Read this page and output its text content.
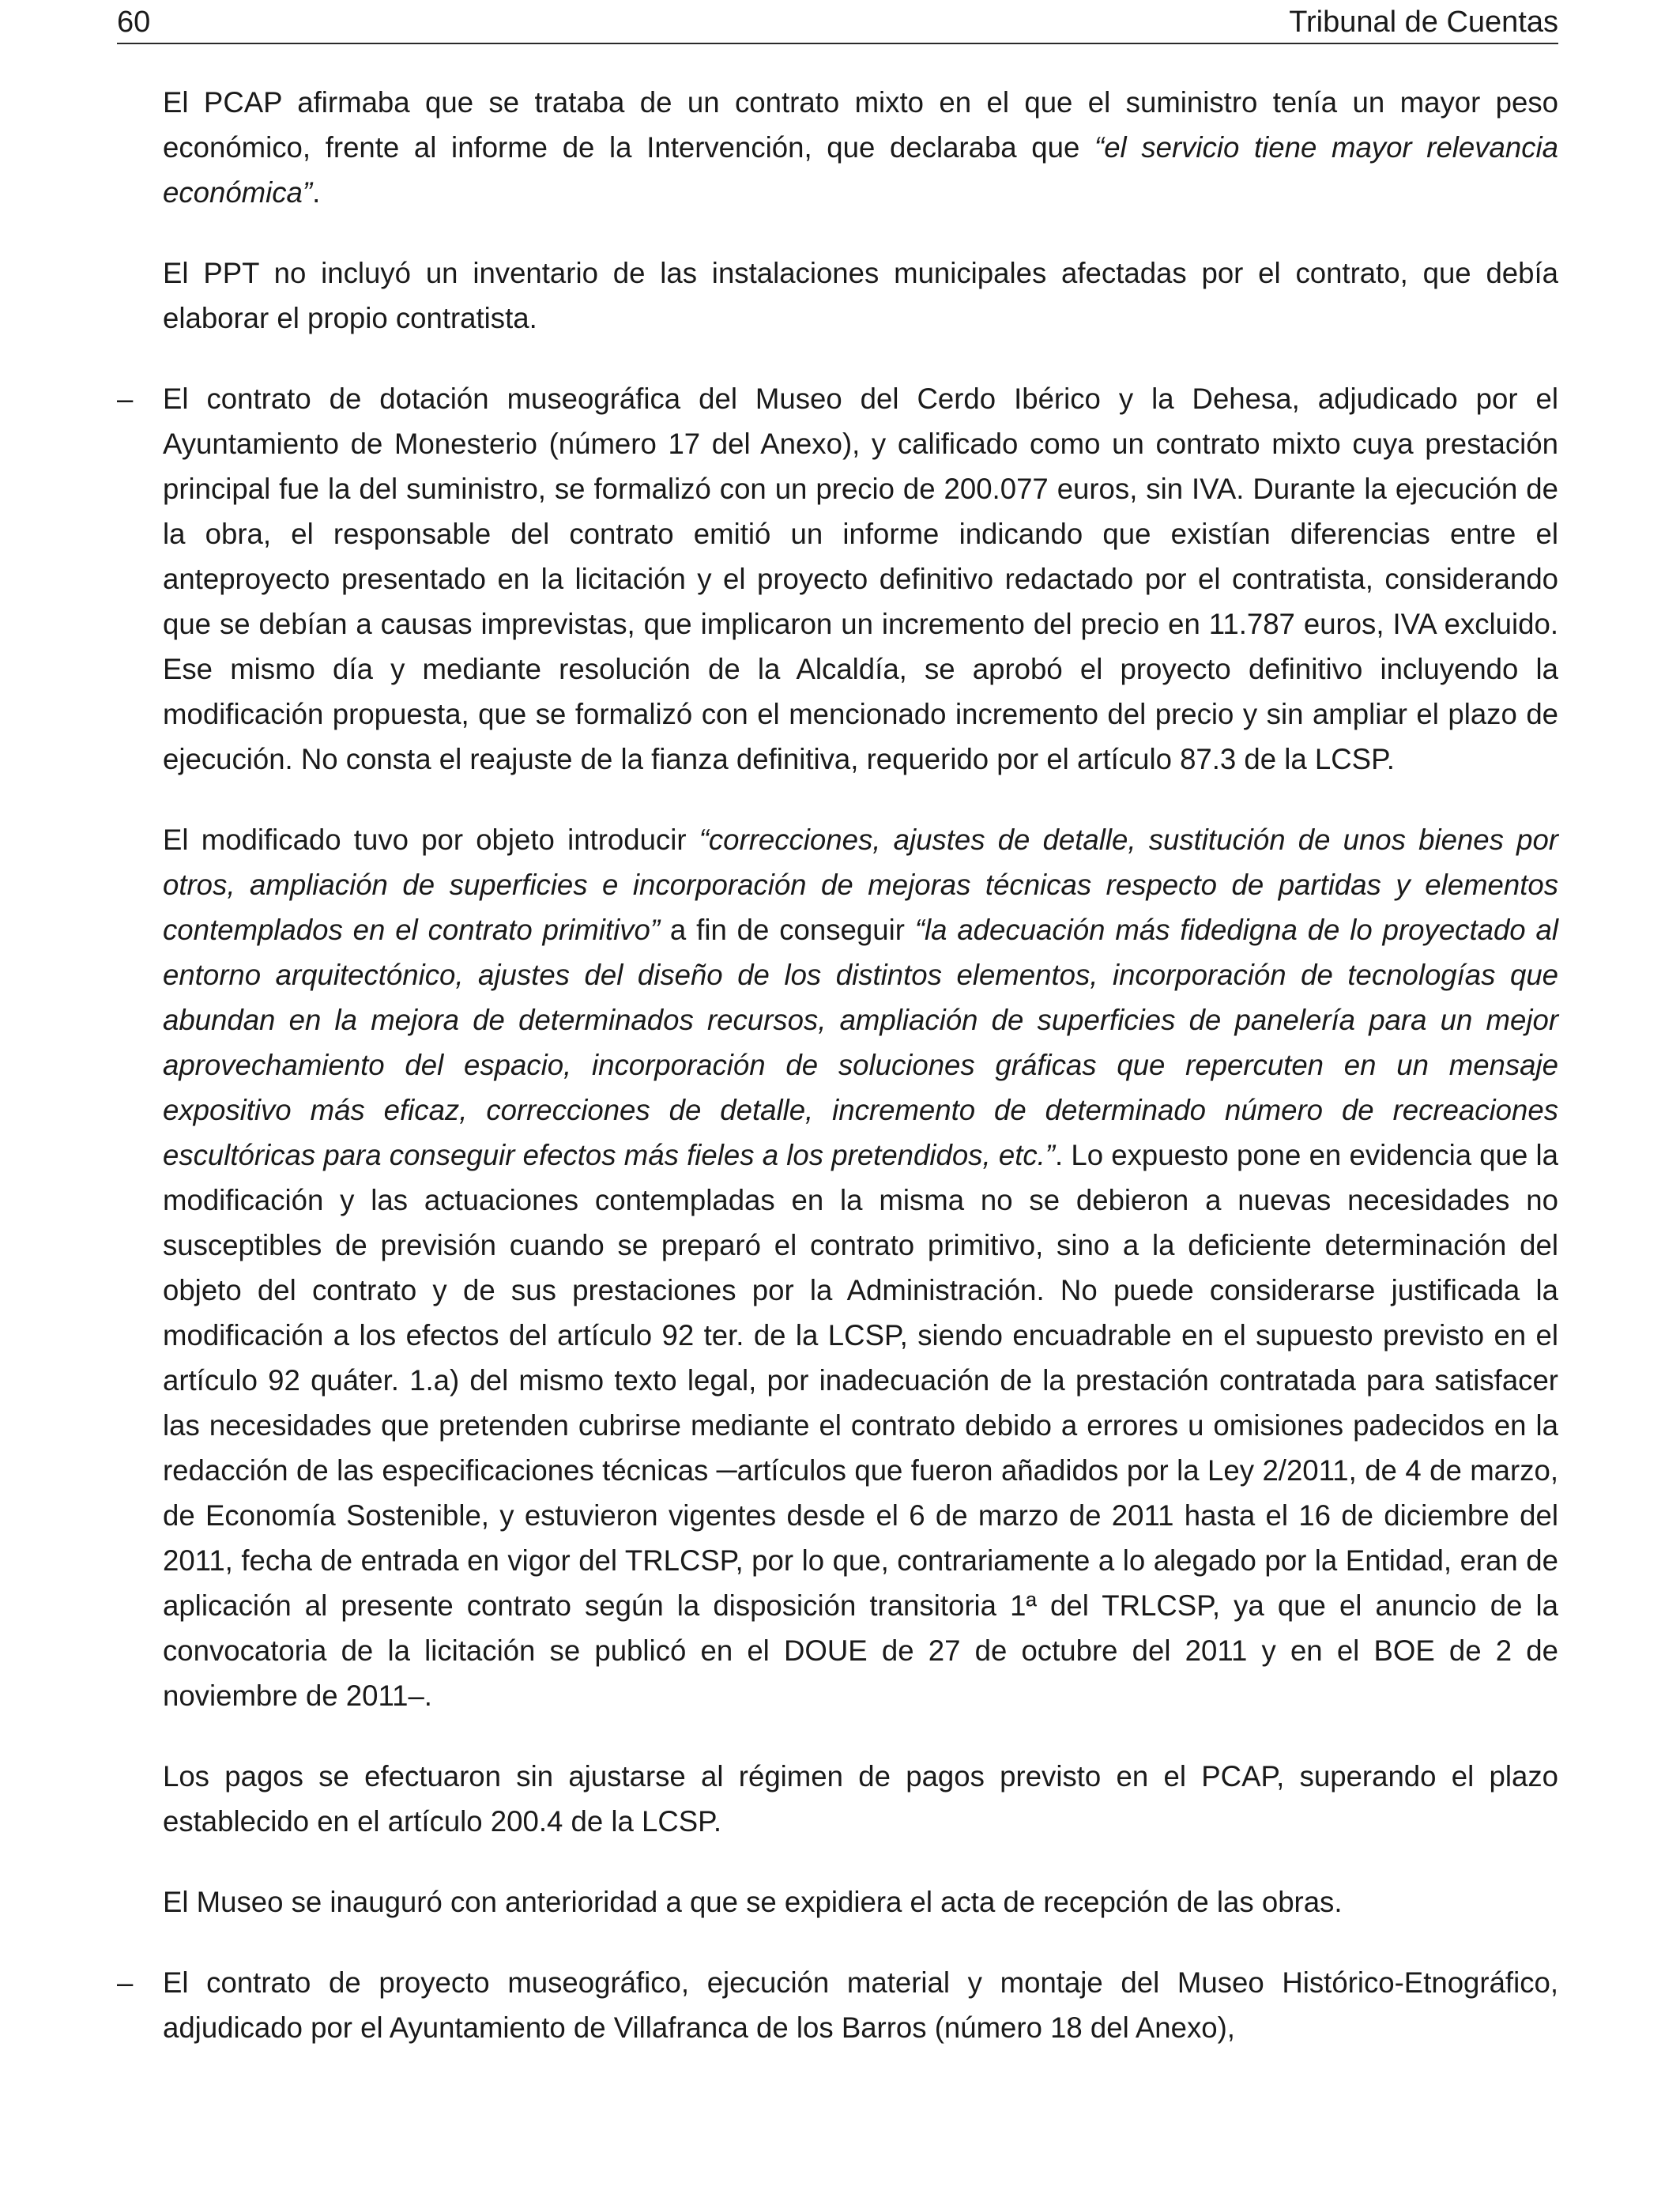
60	Tribunal de Cuentas

El PCAP afirmaba que se trataba de un contrato mixto en el que el suministro tenía un mayor peso económico, frente al informe de la Intervención, que declaraba que “el servicio tiene mayor relevancia económica”.

El PPT no incluyó un inventario de las instalaciones municipales afectadas por el contrato, que debía elaborar el propio contratista.

– El contrato de dotación museográfica del Museo del Cerdo Ibérico y la Dehesa, adjudicado por el Ayuntamiento de Monesterio (número 17 del Anexo), y calificado como un contrato mixto cuya prestación principal fue la del suministro, se formalizó con un precio de 200.077 euros, sin IVA. Durante la ejecución de la obra, el responsable del contrato emitió un informe indicando que existían diferencias entre el anteproyecto presentado en la licitación y el proyecto definitivo redactado por el contratista, considerando que se debían a causas imprevistas, que implicaron un incremento del precio en 11.787 euros, IVA excluido. Ese mismo día y mediante resolución de la Alcaldía, se aprobó el proyecto definitivo incluyendo la modificación propuesta, que se formalizó con el mencionado incremento del precio y sin ampliar el plazo de ejecución. No consta el reajuste de la fianza definitiva, requerido por el artículo 87.3 de la LCSP.

El modificado tuvo por objeto introducir “correcciones, ajustes de detalle, sustitución de unos bienes por otros, ampliación de superficies e incorporación de mejoras técnicas respecto de partidas y elementos contemplados en el contrato primitivo” a fin de conseguir “la adecuación más fidedigna de lo proyectado al entorno arquitectónico, ajustes del diseño de los distintos elementos, incorporación de tecnologías que abundan en la mejora de determinados recursos, ampliación de superficies de panelería para un mejor aprovechamiento del espacio, incorporación de soluciones gráficas que repercuten en un mensaje expositivo más eficaz, correcciones de detalle, incremento de determinado número de recreaciones escultóricas para conseguir efectos más fieles a los pretendidos, etc.”. Lo expuesto pone en evidencia que la modificación y las actuaciones contempladas en la misma no se debieron a nuevas necesidades no susceptibles de previsión cuando se preparó el contrato primitivo, sino a la deficiente determinación del objeto del contrato y de sus prestaciones por la Administración. No puede considerarse justificada la modificación a los efectos del artículo 92 ter. de la LCSP, siendo encuadrable en el supuesto previsto en el artículo 92 quáter. 1.a) del mismo texto legal, por inadecuación de la prestación contratada para satisfacer las necesidades que pretenden cubrirse mediante el contrato debido a errores u omisiones padecidos en la redacción de las especificaciones técnicas ─artículos que fueron añadidos por la Ley 2/2011, de 4 de marzo, de Economía Sostenible, y estuvieron vigentes desde el 6 de marzo de 2011 hasta el 16 de diciembre del 2011, fecha de entrada en vigor del TRLCSP, por lo que, contrariamente a lo alegado por la Entidad, eran de aplicación al presente contrato según la disposición transitoria 1ª del TRLCSP, ya que el anuncio de la convocatoria de la licitación se publicó en el DOUE de 27 de octubre del 2011 y en el BOE de 2 de noviembre de 2011–.

Los pagos se efectuaron sin ajustarse al régimen de pagos previsto en el PCAP, superando el plazo establecido en el artículo 200.4 de la LCSP.

El Museo se inauguró con anterioridad a que se expidiera el acta de recepción de las obras.

– El contrato de proyecto museográfico, ejecución material y montaje del Museo Histórico-Etnográfico, adjudicado por el Ayuntamiento de Villafranca de los Barros (número 18 del Anexo),
